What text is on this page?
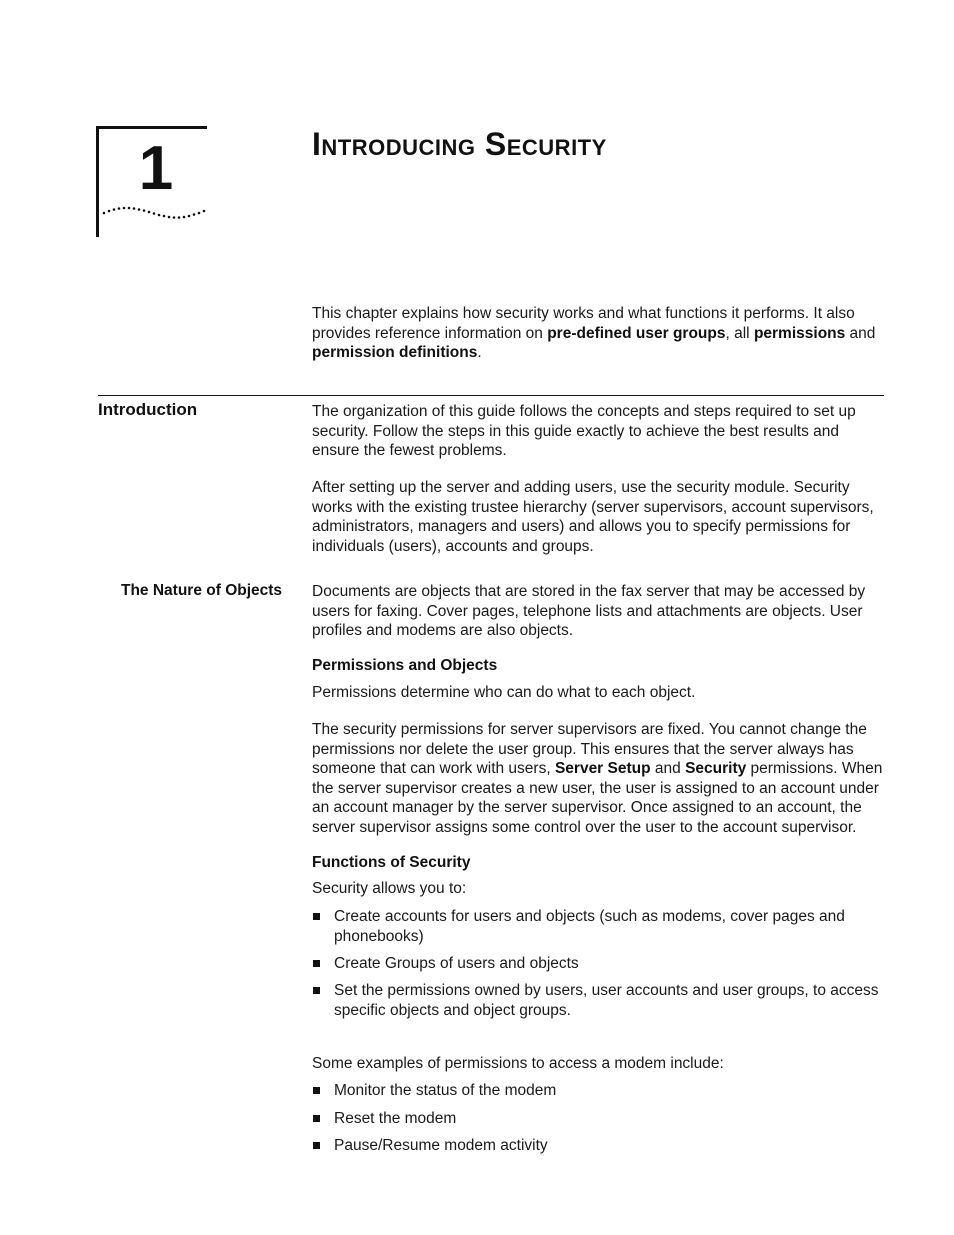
1	Introducing Security

This chapter explains how security works and what functions it performs. It also provides reference information on pre-defined user groups, all permissions and permission definitions.

Introduction	The organization of this guide follows the concepts and steps required to set up security. Follow the steps in this guide exactly to achieve the best results and ensure the fewest problems.

After setting up the server and adding users, use the security module. Security works with the existing trustee hierarchy (server supervisors, account supervisors, administrators, managers and users) and allows you to specify permissions for individuals (users), accounts and groups.

The Nature of Objects Documents are objects that are stored in the fax server that may be accessed by users for faxing. Cover pages, telephone lists and attachments are objects. User profiles and modems are also objects.

Permissions and Objects

Permissions determine who can do what to each object.

The security permissions for server supervisors are fixed. You cannot change the permissions nor delete the user group. This ensures that the server always has someone that can work with users, Server Setup and Security permissions. When the server supervisor creates a new user, the user is assigned to an account under an account manager by the server supervisor. Once assigned to an account, the server supervisor assigns some control over the user to the account supervisor.

Functions of Security

Security allows you to:

Create accounts for users and objects (such as modems, cover pages and phonebooks)
Create Groups of users and objects
Set the permissions owned by users, user accounts and user groups, to access specific objects and object groups.

Some examples of permissions to access a modem include:

Monitor the status of the modem
Reset the modem
Pause/Resume modem activity
